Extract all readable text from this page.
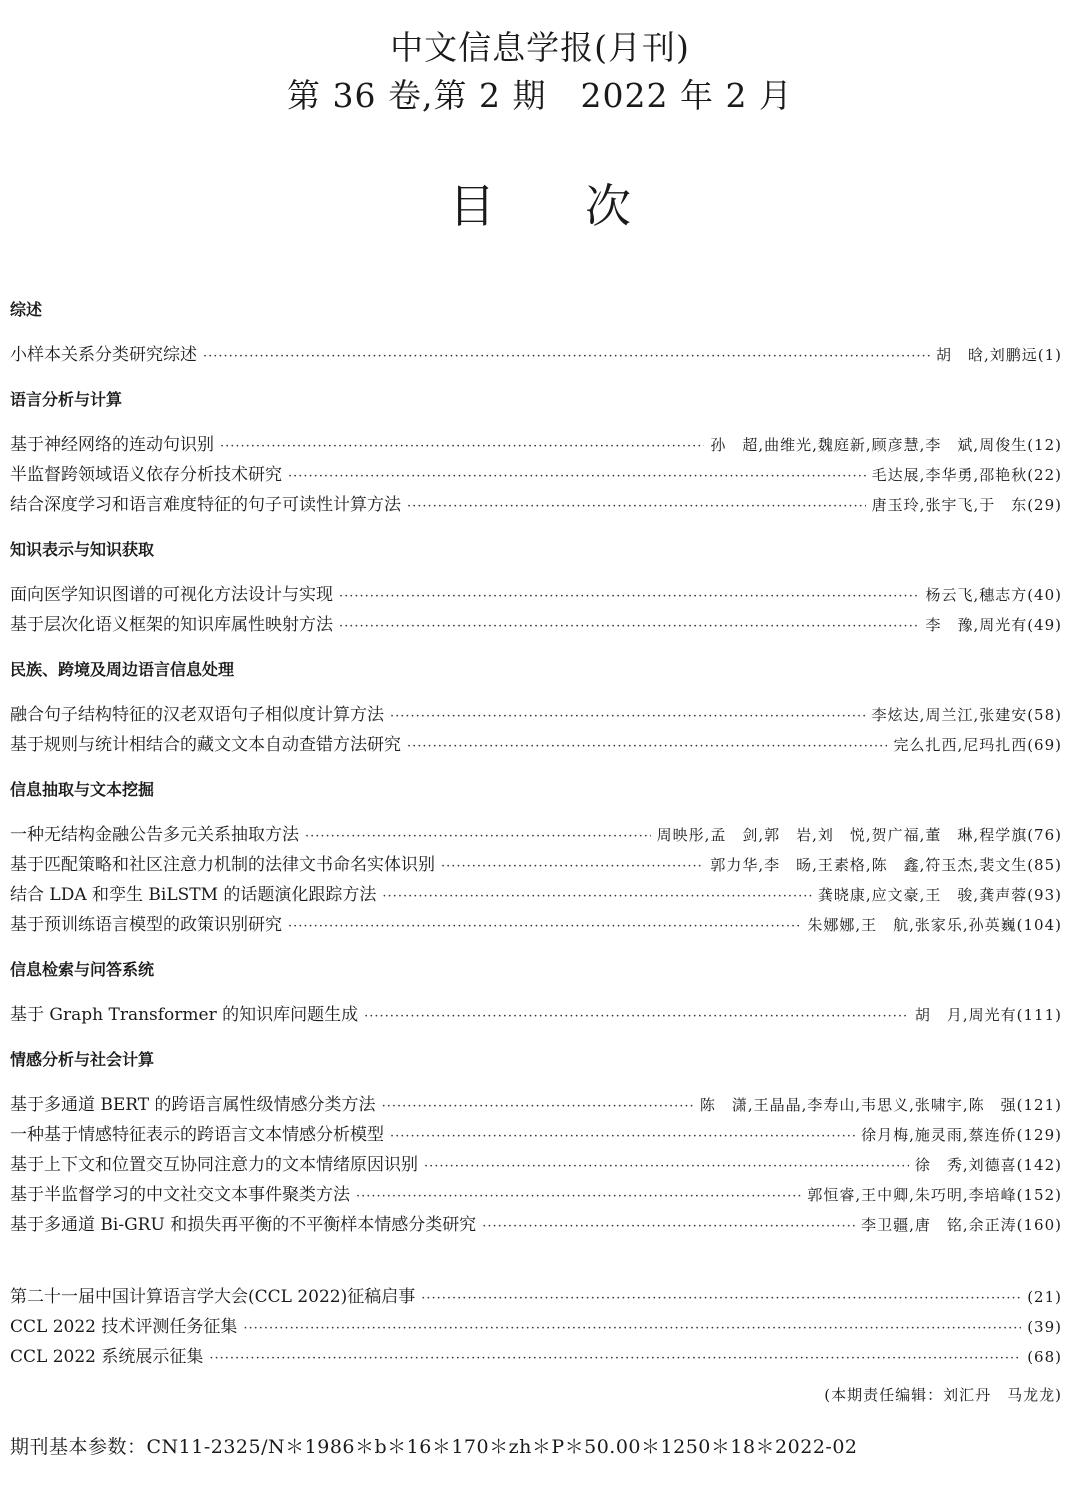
中文信息学报(月刊)
第 36 卷,第 2 期　2022 年 2 月
目次
综述
小样本关系分类研究综述 ·····	胡　晗,刘鹏远(1)
语言分析与计算
基于神经网络的连动句识别 ·····	孙　超,曲维光,魏庭新,顾彦慧,李　斌,周俊生(12)
半监督跨领域语义依存分析技术研究 ·····	毛达展,李华勇,邵艳秋(22)
结合深度学习和语言难度特征的句子可读性计算方法 ·····	唐玉玲,张宇飞,于　东(29)
知识表示与知识获取
面向医学知识图谱的可视化方法设计与实现 ·····	杨云飞,穗志方(40)
基于层次化语义框架的知识库属性映射方法 ·····	李　豫,周光有(49)
民族、跨境及周边语言信息处理
融合句子结构特征的汉老双语句子相似度计算方法 ·····	李炫达,周兰江,张建安(58)
基于规则与统计相结合的藏文文本自动查错方法研究 ·····	完么扎西,尼玛扎西(69)
信息抽取与文本挖掘
一种无结构金融公告多元关系抽取方法 ·····	周映彤,孟　剑,郭　岩,刘　悦,贺广福,董　琳,程学旗(76)
基于匹配策略和社区注意力机制的法律文书命名实体识别 ·····	郭力华,李　旸,王素格,陈　鑫,符玉杰,裴文生(85)
结合 LDA 和孪生 BiLSTM 的话题演化跟踪方法 ·····	龚晓康,应文豪,王　骏,龚声蓉(93)
基于预训练语言模型的政策识别研究 ·····	朱娜娜,王　航,张家乐,孙英巍(104)
信息检索与问答系统
基于 Graph Transformer 的知识库问题生成 ·····	胡　月,周光有(111)
情感分析与社会计算
基于多通道 BERT 的跨语言属性级情感分类方法 ·····	陈　潇,王晶晶,李寿山,韦思义,张啸宇,陈　强(121)
一种基于情感特征表示的跨语言文本情感分析模型 ·····	徐月梅,施灵雨,蔡连侨(129)
基于上下文和位置交互协同注意力的文本情绪原因识别 ·····	徐　秀,刘德喜(142)
基于半监督学习的中文社交文本事件聚类方法 ·····	郭恒睿,王中卿,朱巧明,李培峰(152)
基于多通道 Bi-GRU 和损失再平衡的不平衡样本情感分类研究 ·····	李卫疆,唐　铭,余正涛(160)
第二十一届中国计算语言学大会(CCL 2022)征稿启事 ·····	(21)
CCL 2022 技术评测任务征集 ·····	(39)
CCL 2022 系统展示征集 ·····	(68)
(本期责任编辑：刘汇丹　马龙龙)
期刊基本参数：CN11-2325/N＊1986＊b＊16＊170＊zh＊P＊50.00＊1250＊18＊2022-02
